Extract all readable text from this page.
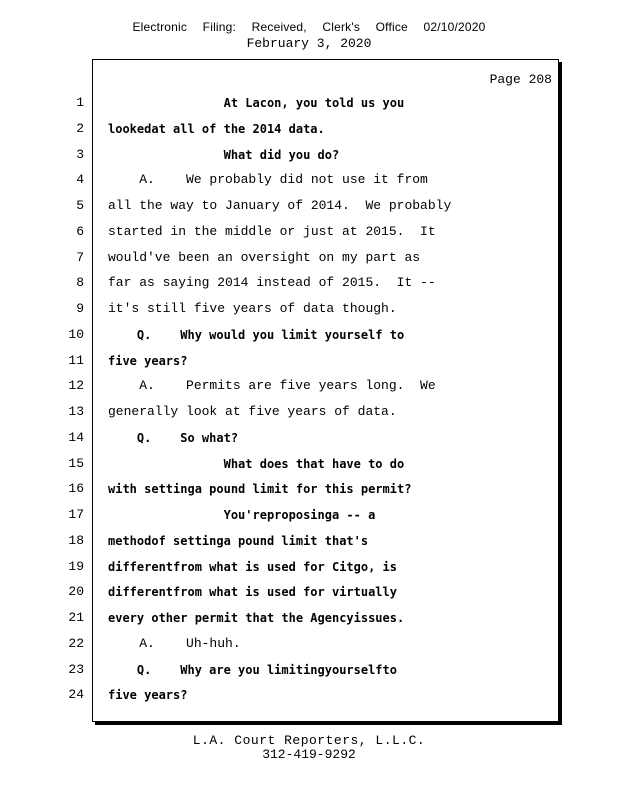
Electronic Filing: Received, Clerk's Office 02/10/2020
February 3, 2020
Page 208
1 At Lacon, you told us you
2 lookedat all of the 2014 data.
3 What did you do?
4 A.    We probably did not use it from
5 all the way to January of 2014.  We probably
6 started in the middle or just at 2015.  It
7 would've been an oversight on my part as
8 far as saying 2014 instead of 2015.  It --
9 it's still five years of data though.
10 Q.    Why would you limit yourself to
11 five years?
12 A.    Permits are five years long.  We
13 generally look at five years of data.
14 Q.    So what?
15 What does that have to do
16 with settinga pound limit for this permit?
17 You'reproposinga -- a
18 methodof settinga pound limit that's
19 differentfrom what is used for Citgo, is
20 differentfrom what is used for virtually
21 every other permit that the Agencyissues.
22 A.    Uh-huh.
23 Q.    Why are you limitingyourselfto
24 five years?
L.A. Court Reporters, L.L.C.
312-419-9292
